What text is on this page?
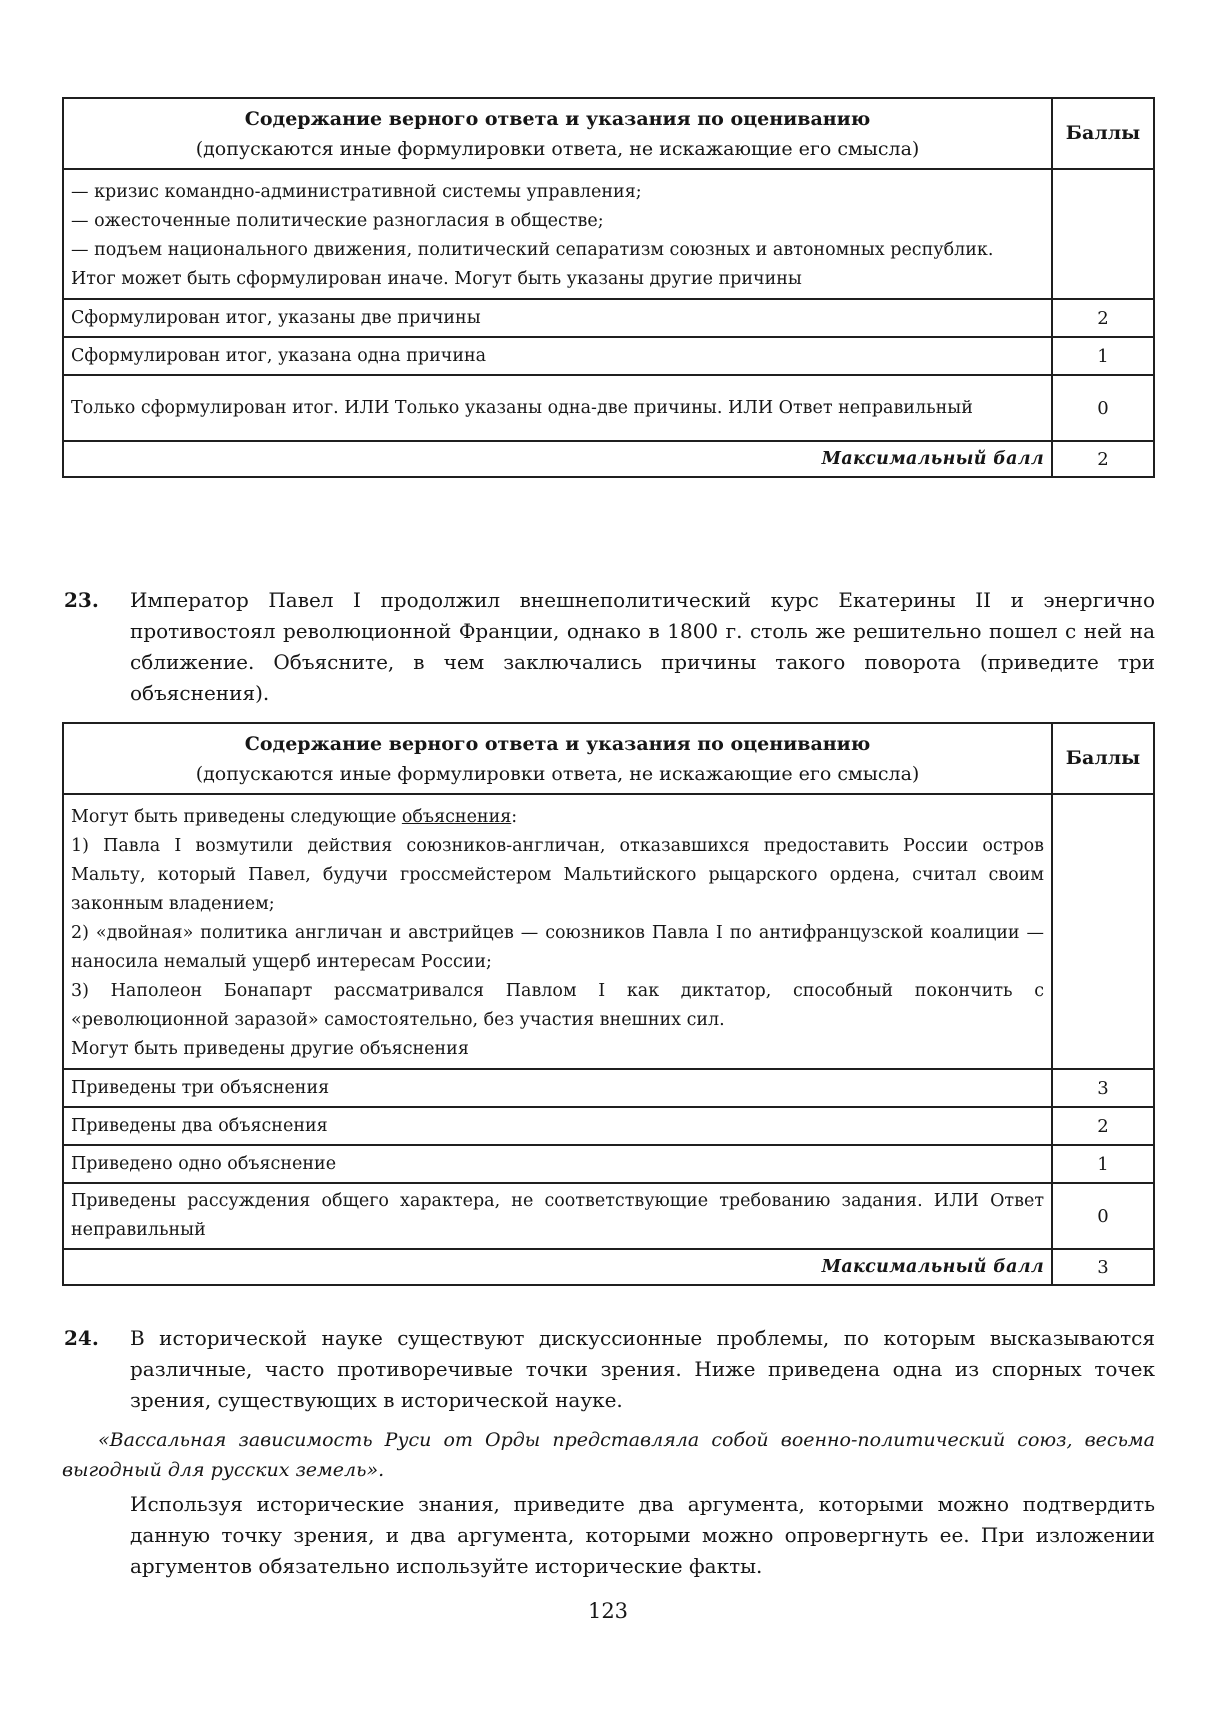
Содержание верного ответа и указания по оцениванию
(допускаются иные формулировки ответа, не искажающие его смысла)	Баллы

— кризис командно-административной системы управления;

— ожесточенные политические разногласия в обществе;

— подъем национального движения, политический сепаратизм союзных и автономных республик.

Итог может быть сформулирован иначе. Могут быть указаны другие причины	

Сформулирован итог, указаны две причины	2
Сформулирован итог, указана одна причина	1
Только сформулирован итог. ИЛИ Только указаны одна-две причины. ИЛИ Ответ неправильный	0
Максимальный балл	2
23. Император Павел I продолжил внешнеполитический курс Екатерины II и энергично противостоял революционной Франции, однако в 1800 г. столь же решительно пошел с ней на сближение. Объясните, в чем заключались причины такого поворота (приведите три объяснения).
Содержание верного ответа и указания по оцениванию
(допускаются иные формулировки ответа, не искажающие его смысла)	Баллы

Могут быть приведены следующие объяснения:

1) Павла I возмутили действия союзников-англичан, отказавшихся предоставить России остров Мальту, который Павел, будучи гроссмейстером Мальтийского рыцарского ордена, считал своим законным владением;

2) «двойная» политика англичан и австрийцев — союзников Павла I по антифранцузской коалиции — наносила немалый ущерб интересам России;

3) Наполеон Бонапарт рассматривался Павлом I как диктатор, способный покончить с «революционной заразой» самостоятельно, без участия внешних сил.

Могут быть приведены другие объяснения	

Приведены три объяснения	3
Приведены два объяснения	2
Приведено одно объяснение	1
Приведены рассуждения общего характера, не соответствующие требованию задания. ИЛИ Ответ неправильный	0
Максимальный балл	3
24. В исторической науке существуют дискуссионные проблемы, по которым высказываются различные, часто противоречивые точки зрения. Ниже приведена одна из спорных точек зрения, существующих в исторической науке.
«Вассальная зависимость Руси от Орды представляла собой военно-политический союз, весьма выгодный для русских земель».
Используя исторические знания, приведите два аргумента, которыми можно подтвердить данную точку зрения, и два аргумента, которыми можно опровергнуть ее. При изложении аргументов обязательно используйте исторические факты.
123
